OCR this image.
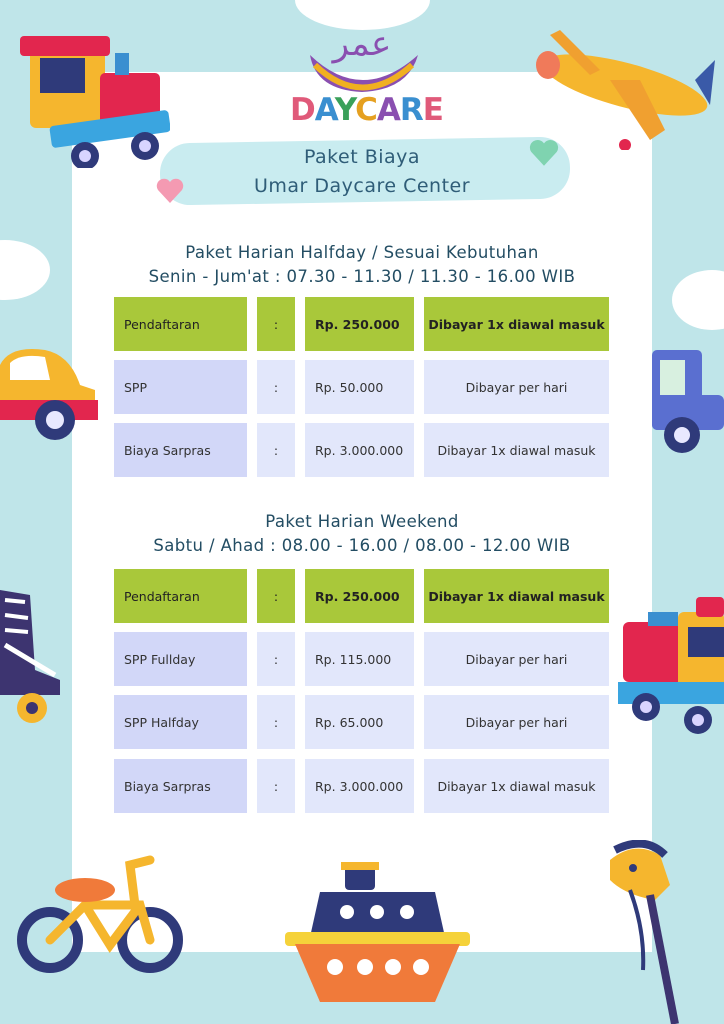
عمر
DAYCARE
Paket Biaya
Umar Daycare Center
Paket Harian Halfday / Sesuai Kebutuhan
Senin - Jum'at : 07.30 - 11.30 / 11.30 - 16.00 WIB
Pendaftaran	:	Rp. 250.000	Dibayar 1x diawal masuk
SPP	:	Rp. 50.000	Dibayar per hari
Biaya Sarpras	:	Rp. 3.000.000	Dibayar 1x diawal masuk
Paket Harian Weekend
Sabtu / Ahad : 08.00 - 16.00 / 08.00 - 12.00 WIB
Pendaftaran	:	Rp. 250.000	Dibayar 1x diawal masuk
SPP Fullday	:	Rp. 115.000	Dibayar per hari
SPP Halfday	:	Rp. 65.000	Dibayar per hari
Biaya Sarpras	:	Rp. 3.000.000	Dibayar 1x diawal masuk
